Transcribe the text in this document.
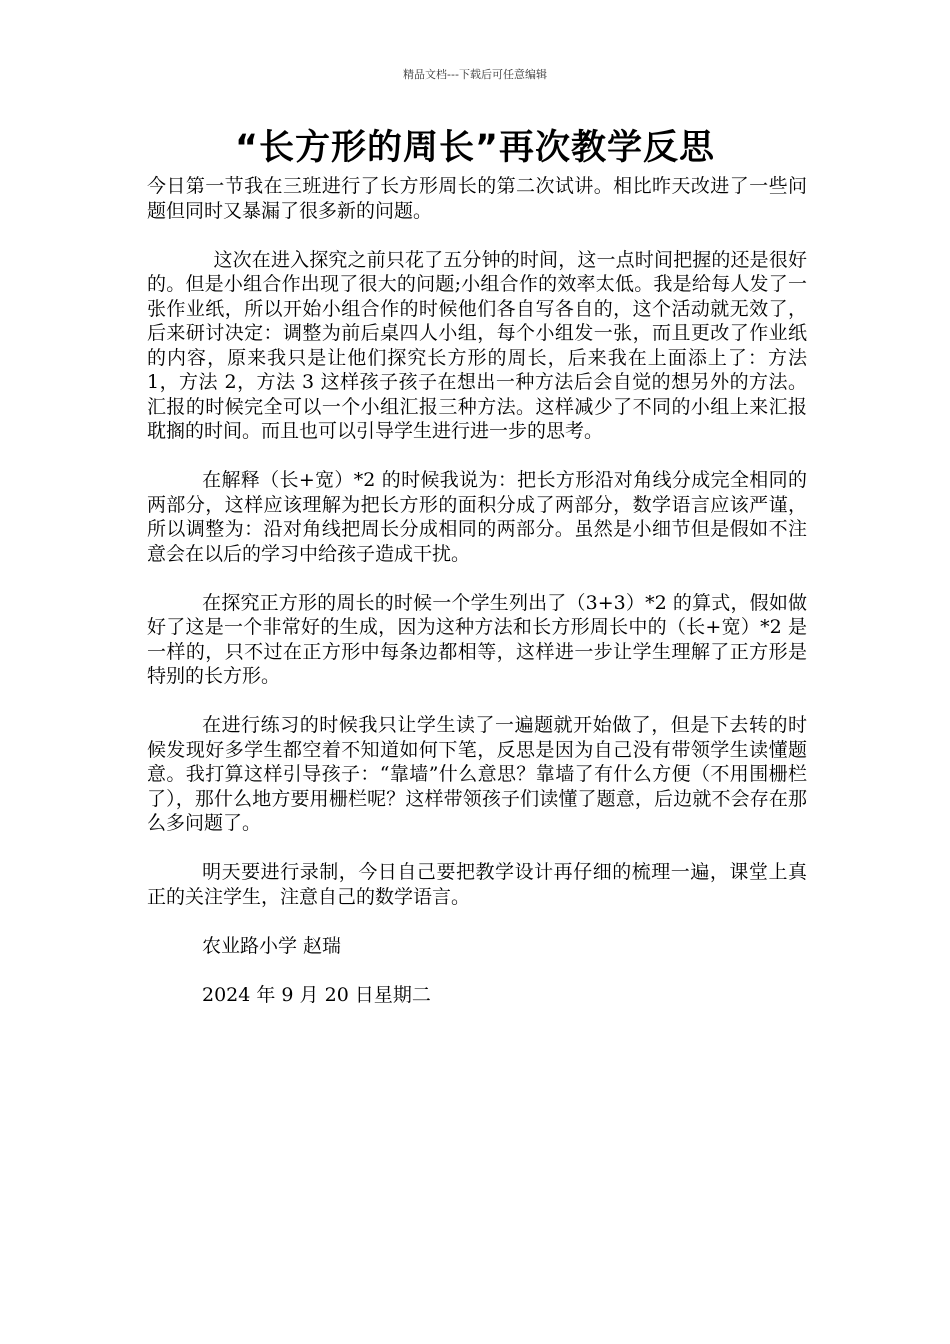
精品文档---下载后可任意编辑
“长方形的周长”再次教学反思

今日第一节我在三班进行了长方形周长的第二次试讲。相比昨天改进了一些问题但同时又暴漏了很多新的问题。

这次在进入探究之前只花了五分钟的时间，这一点时间把握的还是很好的。但是小组合作出现了很大的问题;小组合作的效率太低。我是给每人发了一张作业纸，所以开始小组合作的时候他们各自写各自的，这个活动就无效了，后来研讨决定：调整为前后桌四人小组，每个小组发一张，而且更改了作业纸的内容，原来我只是让他们探究长方形的周长，后来我在上面添上了：方法 1，方法 2，方法 3 这样孩子孩子在想出一种方法后会自觉的想另外的方法。汇报的时候完全可以一个小组汇报三种方法。这样减少了不同的小组上来汇报耽搁的时间。而且也可以引导学生进行进一步的思考。

在解释（长+宽）*2 的时候我说为：把长方形沿对角线分成完全相同的两部分，这样应该理解为把长方形的面积分成了两部分，数学语言应该严谨，所以调整为：沿对角线把周长分成相同的两部分。虽然是小细节但是假如不注意会在以后的学习中给孩子造成干扰。

在探究正方形的周长的时候一个学生列出了（3+3）*2 的算式，假如做好了这是一个非常好的生成，因为这种方法和长方形周长中的（长+宽）*2 是一样的，只不过在正方形中每条边都相等，这样进一步让学生理解了正方形是特别的长方形。

在进行练习的时候我只让学生读了一遍题就开始做了，但是下去转的时候发现好多学生都空着不知道如何下笔，反思是因为自己没有带领学生读懂题意。我打算这样引导孩子：“靠墙”什么意思？靠墙了有什么方便（不用围栅栏了），那什么地方要用栅栏呢？这样带领孩子们读懂了题意，后边就不会存在那么多问题了。

明天要进行录制，今日自己要把教学设计再仔细的梳理一遍，课堂上真正的关注学生，注意自己的数学语言。

农业路小学 赵瑞
2024 年 9 月 20 日星期二
